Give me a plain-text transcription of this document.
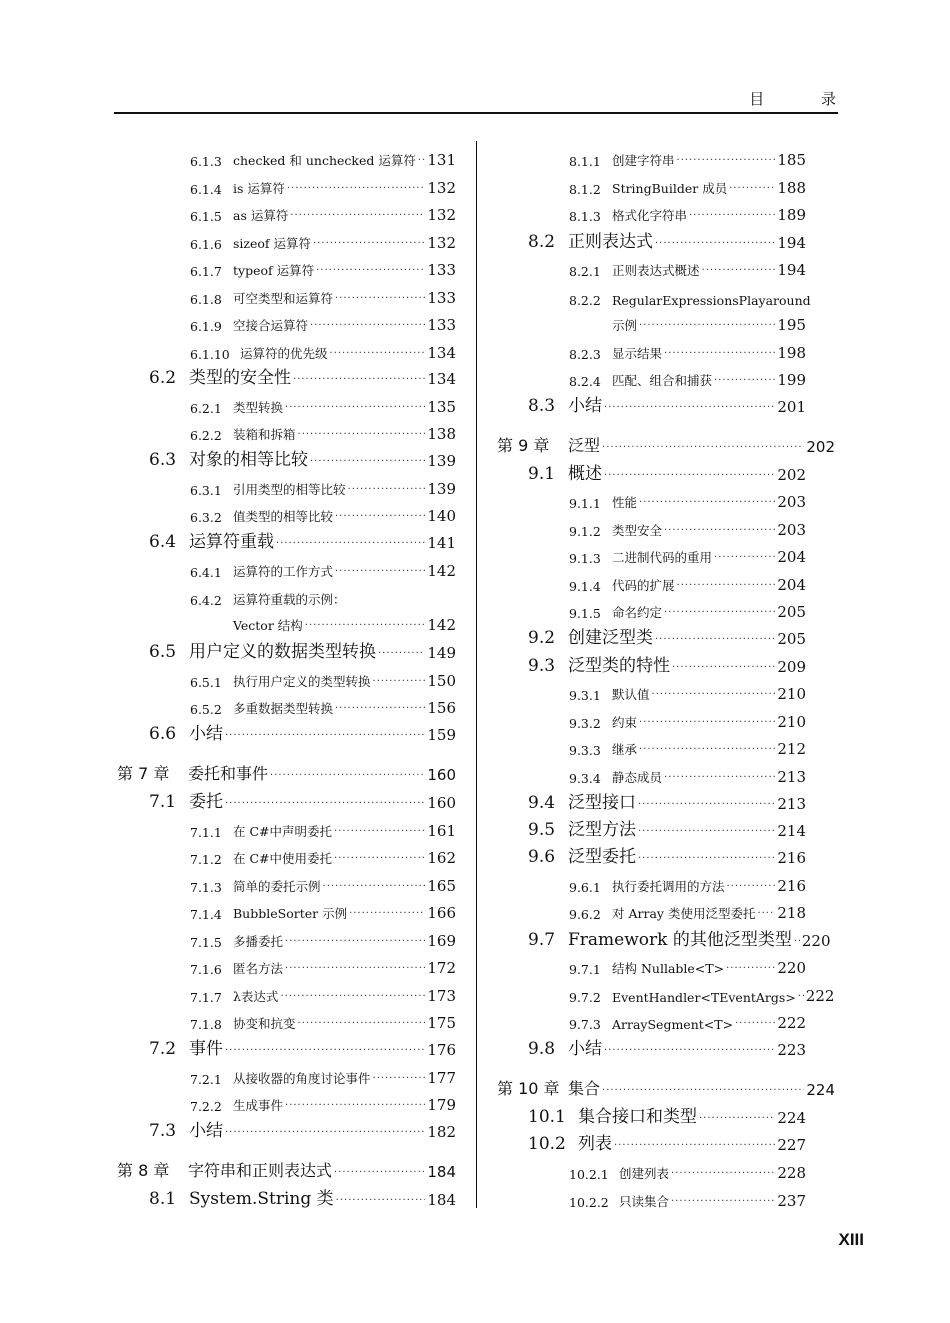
目 录
6.1.3 checked 和 unchecked 运算符 ····· 131
6.1.4 is 运算符 ·····	132
6.1.5 as 运算符 ·····	132
6.1.6 sizeof 运算符 ·····	132
6.1.7 typeof 运算符 ·····	133
6.1.8 可空类型和运算符 ·····	133
6.1.9 空接合运算符 ·····	133
6.1.10 运算符的优先级 ·····	134
6.2 类型的安全性 ·····	134
6.2.1 类型转换 ·····	135
6.2.2 装箱和拆箱 ·····	138
6.3 对象的相等比较 ·····	139
6.3.1 引用类型的相等比较 ·····	139
6.3.2 值类型的相等比较 ·····	140
6.4 运算符重载 ·····	141
6.4.1 运算符的工作方式 ·····	142
6.4.2 运算符重载的示例：
Vector 结构 ·····	142
6.5 用户定义的数据类型转换 ·····	149
6.5.1 执行用户定义的类型转换 ·····	150
6.5.2 多重数据类型转换 ·····	156
6.6 小结 ·····	159
第 7 章	委托和事件 ·····	160
7.1 委托 ·····	160
7.1.1 在 C#中声明委托 ·····	161
7.1.2 在 C#中使用委托 ·····	162
7.1.3 简单的委托示例 ·····	165
7.1.4 BubbleSorter 示例 ·····	166
7.1.5 多播委托 ·····	169
7.1.6 匿名方法 ·····	172
7.1.7 λ表达式 ·····	173
7.1.8 协变和抗变 ·····	175
7.2 事件 ·····	176
7.2.1 从接收器的角度讨论事件 ·····	177
7.2.2 生成事件 ·····	179
7.3 小结 ·····	182
第 8 章	字符串和正则表达式 ·····	184
8.1 System.String 类 ·····	184
8.1.1 创建字符串 ·····	185
8.1.2 StringBuilder 成员 ·····	188
8.1.3 格式化字符串 ·····	189
8.2 正则表达式 ·····	194
8.2.1 正则表达式概述 ·····	194
8.2.2 RegularExpressionsPlayaround
示例 ·····	195
8.2.3 显示结果 ·····	198
8.2.4 匹配、组合和捕获 ·····	199
8.3 小结 ·····	201
第 9 章	泛型 ·····	202
9.1 概述 ·····	202
9.1.1 性能 ·····	203
9.1.2 类型安全 ·····	203
9.1.3 二进制代码的重用 ·····	204
9.1.4 代码的扩展 ·····	204
9.1.5 命名约定 ·····	205
9.2 创建泛型类 ·····	205
9.3 泛型类的特性 ·····	209
9.3.1 默认值 ·····	210
9.3.2 约束 ·····	210
9.3.3 继承 ·····	212
9.3.4 静态成员 ·····	213
9.4 泛型接口 ·····	213
9.5 泛型方法 ·····	214
9.6 泛型委托 ·····	216
9.6.1 执行委托调用的方法 ·····	216
9.6.2 对 Array 类使用泛型委托 ····· 218
9.7 Framework 的其他泛型类型 ····· 220
9.7.1 结构 Nullable<T> ·····	220
9.7.2 EventHandler<TEventArgs> ····· 222
9.7.3 ArraySegment<T> ·····	222
9.8 小结 ·····	223
第 10 章 集合 ·····	224
10.1 集合接口和类型 ·····	224
10.2 列表 ·····	227
10.2.1 创建列表 ·····	228
10.2.2 只读集合 ·····	237
XIII
